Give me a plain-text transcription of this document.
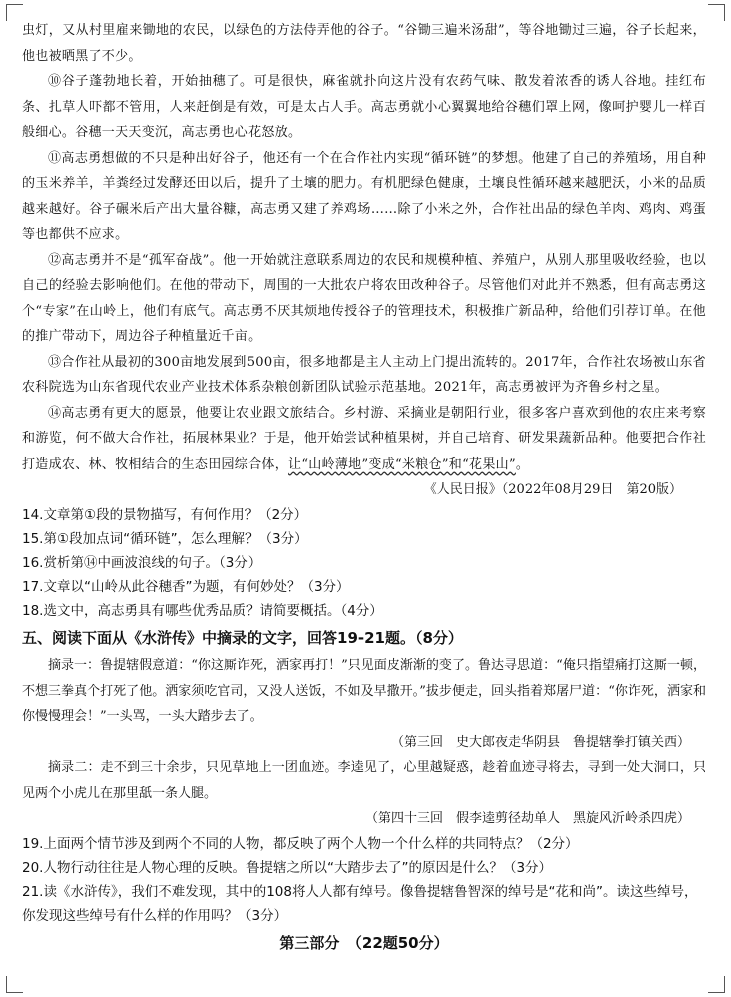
虫灯，又从村里雇来锄地的农民，以绿色的方法侍弄他的谷子。“谷锄三遍米汤甜”，等谷地锄过三遍，谷子长起来，他也被晒黑了不少。

⑩谷子蓬勃地长着，开始抽穗了。可是很快，麻雀就扑向这片没有农药气味、散发着浓香的诱人谷地。挂红布条、扎草人吓都不管用，人来赶倒是有效，可是太占人手。高志勇就小心翼翼地给谷穗们罩上网，像呵护婴儿一样百般细心。谷穗一天天变沉，高志勇也心花怒放。

⑪高志勇想做的不只是种出好谷子，他还有一个在合作社内实现“循环链”的梦想。他建了自己的养殖场，用自种的玉米养羊，羊粪经过发酵还田以后，提升了土壤的肥力。有机肥绿色健康，土壤良性循环越来越肥沃，小米的品质越来越好。谷子碾米后产出大量谷糠，高志勇又建了养鸡场……除了小米之外，合作社出品的绿色羊肉、鸡肉、鸡蛋等也都供不应求。

⑫高志勇并不是“孤军奋战”。他一开始就注意联系周边的农民和规模种植、养殖户，从别人那里吸收经验，也以自己的经验去影响他们。在他的带动下，周围的一大批农户将农田改种谷子。尽管他们对此并不熟悉，但有高志勇这个“专家”在山岭上，他们有底气。高志勇不厌其烦地传授谷子的管理技术，积极推广新品种，给他们引荐订单。在他的推广带动下，周边谷子种植量近千亩。

⑬合作社从最初的300亩地发展到500亩，很多地都是主人主动上门提出流转的。2017年，合作社农场被山东省农科院选为山东省现代农业产业技术体系杂粮创新团队试验示范基地。2021年，高志勇被评为齐鲁乡村之星。

⑭高志勇有更大的愿景，他要让农业跟文旅结合。乡村游、采摘业是朝阳行业，很多客户喜欢到他的农庄来考察和游览，何不做大合作社，拓展林果业？于是，他开始尝试种植果树，并自己培育、研发果蔬新品种。他要把合作社打造成农、林、牧相结合的生态田园综合体，让“山岭薄地”变成“米粮仓”和“花果山”。

《人民日报》（2022年08月29日　第20版）

14.文章第①段的景物描写，有何作用？（2分）

15.第①段加点词“循环链”，怎么理解？（3分）

16.赏析第⑭中画波浪线的句子。（3分）

17.文章以“山岭从此谷穗香”为题，有何妙处？（3分）

18.选文中，高志勇具有哪些优秀品质？请简要概括。（4分）

五、阅读下面从《水浒传》中摘录的文字，回答19-21题。（8分）

摘录一：鲁提辖假意道：“你这厮诈死，洒家再打！”只见面皮渐渐的变了。鲁达寻思道：“俺只指望痛打这厮一顿，不想三拳真个打死了他。洒家须吃官司，又没人送饭，不如及早撒开。”拔步便走，回头指着郑屠尸道：“你诈死，洒家和你慢慢理会！”一头骂，一头大踏步去了。

（第三回　史大郎夜走华阴县　鲁提辖拳打镇关西）

摘录二：走不到三十余步，只见草地上一团血迹。李逵见了，心里越疑惑，趁着血迹寻将去，寻到一处大洞口，只见两个小虎儿在那里舐一条人腿。

（第四十三回　假李逵剪径劫单人　黑旋风沂岭杀四虎）

19.上面两个情节涉及到两个不同的人物，都反映了两个人物一个什么样的共同特点？（2分）

20.人物行动往往是人物心理的反映。鲁提辖之所以“大踏步去了”的原因是什么？（3分）

21.读《水浒传》，我们不难发现，其中的108将人人都有绰号。像鲁提辖鲁智深的绰号是“花和尚”。读这些绰号，你发现这些绰号有什么样的作用吗？（3分）

第三部分　（22题50分）
